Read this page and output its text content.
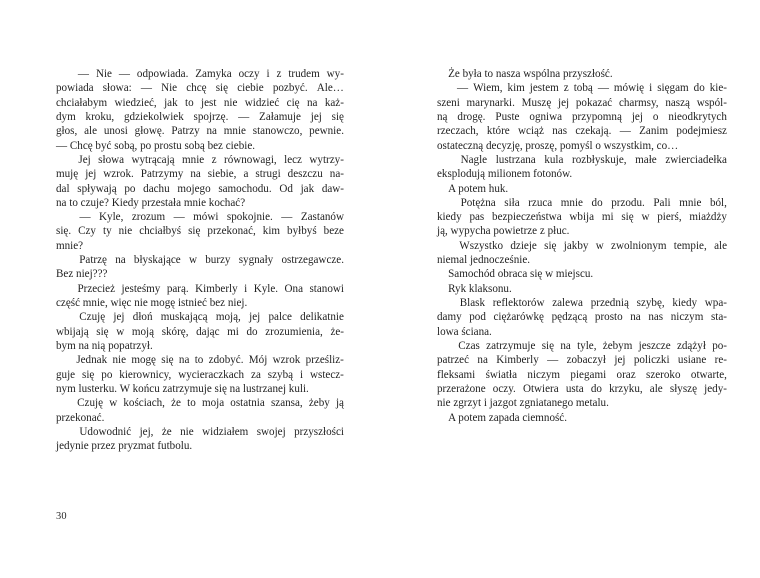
— Nie — odpowiada. Zamyka oczy i z trudem wy-
powiada słowa: — Nie chcę się ciebie pozbyć. Ale…
chciałabym wiedzieć, jak to jest nie widzieć cię na każ-
dym kroku, gdziekolwiek spojrzę. — Załamuje jej się
głos, ale unosi głowę. Patrzy na mnie stanowczo, pewnie.
— Chcę być sobą, po prostu sobą bez ciebie.
Jej słowa wytrącają mnie z równowagi, lecz wytrzy-
muję jej wzrok. Patrzymy na siebie, a strugi deszczu na-
dal spływają po dachu mojego samochodu. Od jak daw-
na to czuje? Kiedy przestała mnie kochać?
— Kyle, zrozum — mówi spokojnie. — Zastanów
się. Czy ty nie chciałbyś się przekonać, kim byłbyś beze
mnie?
Patrzę na błyskające w burzy sygnały ostrzegawcze.
Bez niej???
Przecież jesteśmy parą. Kimberly i Kyle. Ona stanowi
część mnie, więc nie mogę istnieć bez niej.
Czuję jej dłoń muskającą moją, jej palce delikatnie
wbijają się w moją skórę, dając mi do zrozumienia, że-
bym na nią popatrzył.
Jednak nie mogę się na to zdobyć. Mój wzrok prześliz-
guje się po kierownicy, wycieraczkach za szybą i wstecz-
nym lusterku. W końcu zatrzymuje się na lustrzanej kuli.
Czuję w kościach, że to moja ostatnia szansa, żeby ją
przekonać.
Udowodnić jej, że nie widziałem swojej przyszłości
jedynie przez pryzmat futbolu.
30
Że była to nasza wspólna przyszłość.
— Wiem, kim jestem z tobą — mówię i sięgam do kie-
szeni marynarki. Muszę jej pokazać charmsy, naszą wspól-
ną drogę. Puste ogniwa przypomną jej o nieodkrytych
rzeczach, które wciąż nas czekają. — Zanim podejmiesz
ostateczną decyzję, proszę, pomyśl o wszystkim, co…
Nagle lustrzana kula rozbłyskuje, małe zwierciadełka
eksplodują milionem fotonów.
A potem huk.
Potężna siła rzuca mnie do przodu. Pali mnie ból,
kiedy pas bezpieczeństwa wbija mi się w pierś, miażdży
ją, wypycha powietrze z płuc.
Wszystko dzieje się jakby w zwolnionym tempie, ale
niemal jednocześnie.
Samochód obraca się w miejscu.
Ryk klaksonu.
Blask reflektorów zalewa przednią szybę, kiedy wpa-
damy pod ciężarówkę pędzącą prosto na nas niczym sta-
lowa ściana.
Czas zatrzymuje się na tyle, żebym jeszcze zdążył po-
patrzeć na Kimberly — zobaczył jej policzki usiane re-
fleksami światła niczym piegami oraz szeroko otwarte,
przerażone oczy. Otwiera usta do krzyku, ale słyszę jedy-
nie zgrzyt i jazgot zgniatanego metalu.
A potem zapada ciemność.
